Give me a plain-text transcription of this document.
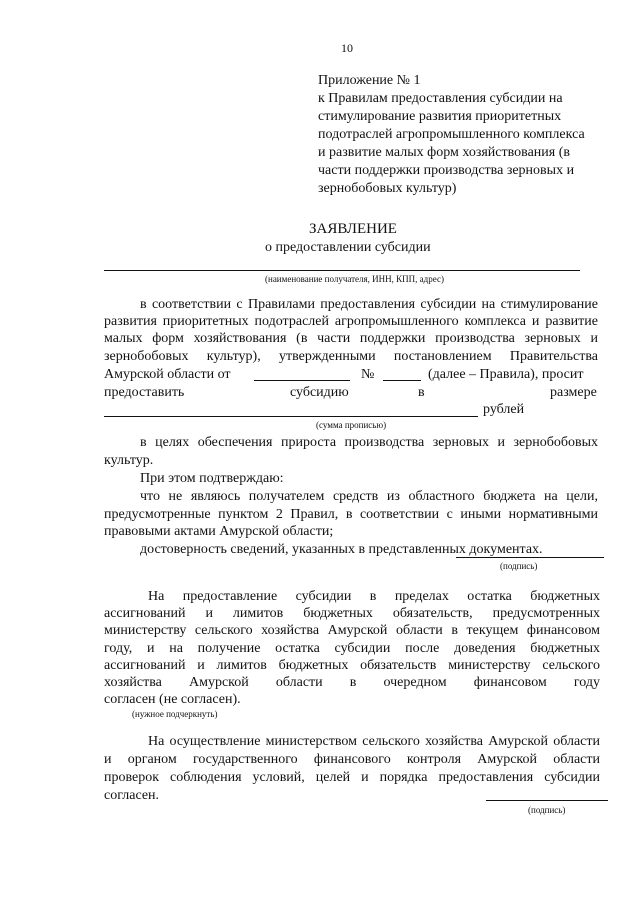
10
Приложение № 1
к Правилам предоставления субсидии на
стимулирование развития приоритетных
подотраслей агропромышленного комплекса
и развитие малых форм хозяйствования (в
части поддержки производства зерновых и
зернобобовых культур)
ЗАЯВЛЕНИЕ
о предоставлении субсидии
(наименование получателя, ИНН, КПП, адрес)
в соответствии с Правилами предоставления субсидии на стимулирование
развития приоритетных подотраслей агропромышленного комплекса и развитие
малых форм хозяйствования (в части поддержки производства зерновых и
зернобобовых культур), утвержденными постановлением Правительства
Амурской области от	№	(далее – Правила), просит
предоставить	субсидию	в	размере
рублей
(сумма прописью)
в целях обеспечения прироста производства зерновых и зернобобовых
культур.
При этом подтверждаю:
что не являюсь получателем средств из областного бюджета на цели,
предусмотренные пунктом 2 Правил, в соответствии с иными нормативными
правовыми актами Амурской области;
достоверность сведений, указанных в представленных документах.
(подпись)
На предоставление субсидии в пределах остатка бюджетных
ассигнований и лимитов бюджетных обязательств, предусмотренных
министерству сельского хозяйства Амурской области в текущем финансовом
году, и на получение остатка субсидии после доведения бюджетных
ассигнований и лимитов бюджетных обязательств министерству сельского
хозяйства Амурской области в очередном финансовом году
согласен (не согласен).
(нужное подчеркнуть)
На осуществление министерством сельского хозяйства Амурской области
и органом государственного финансового контроля Амурской области
проверок соблюдения условий, целей и порядка предоставления субсидии
согласен.
(подпись)
